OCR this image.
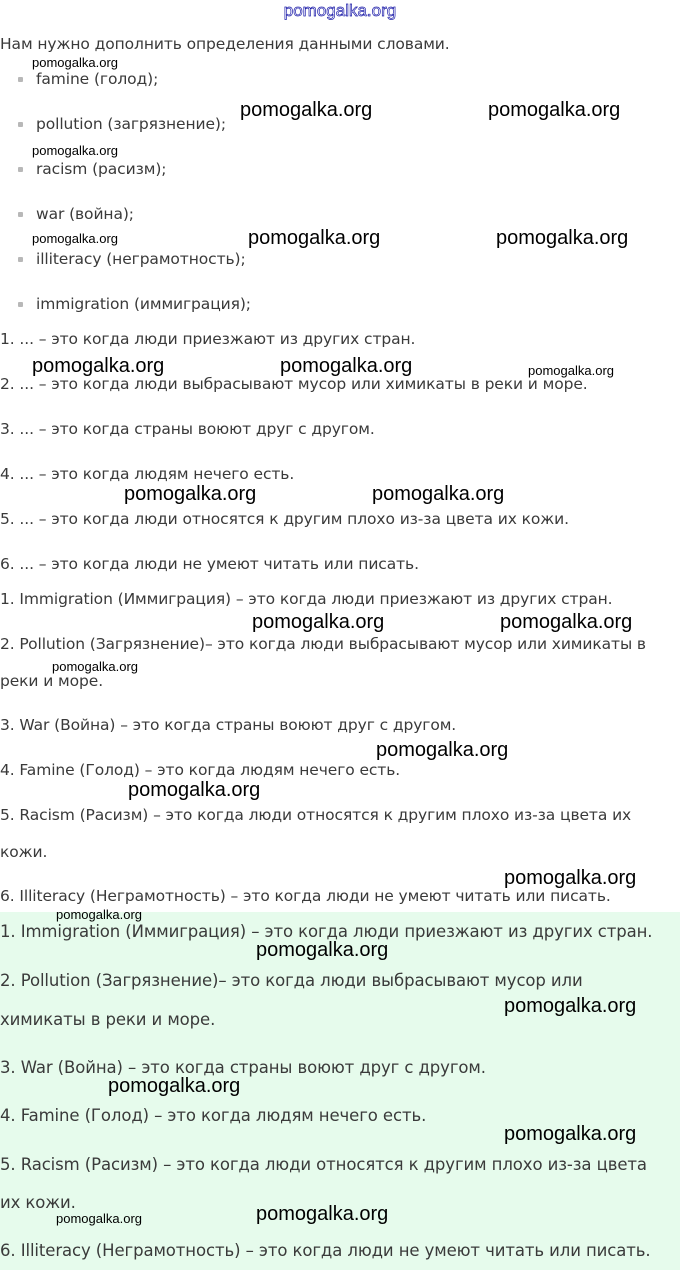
pomogalka.org
Нам нужно дополнить определения данными словами.
famine (голод);
pollution (загрязнение);
racism (расизм);
war (война);
illiteracy (неграмотность);
immigration (иммиграция);
1. ... – это когда люди приезжают из других стран.
2. ... – это когда люди выбрасывают мусор или химикаты в реки и море.
3. ... – это когда страны воюют друг с другом.
4. ... – это когда людям нечего есть.
5. ... – это когда люди относятся к другим плохо из-за цвета их кожи.
6. ... – это когда люди не умеют читать или писать.
1. Immigration (Иммиграция) – это когда люди приезжают из других стран.
2. Pollution (Загрязнение)– это когда люди выбрасывают мусор или химикаты в
реки и море.
3. War (Война) – это когда страны воюют друг с другом.
4. Famine (Голод) – это когда людям нечего есть.
5. Racism (Расизм) – это когда люди относятся к другим плохо из-за цвета их
кожи.
6. Illiteracy (Неграмотность) – это когда люди не умеют читать или писать.
1. Immigration (Иммиграция) – это когда люди приезжают из других стран.
2. Pollution (Загрязнение)– это когда люди выбрасывают мусор или
химикаты в реки и море.
3. War (Война) – это когда страны воюют друг с другом.
4. Famine (Голод) – это когда людям нечего есть.
5. Racism (Расизм) – это когда люди относятся к другим плохо из-за цвета
их кожи.
6. Illiteracy (Неграмотность) – это когда люди не умеют читать или писать.
pomogalka.org
pomogalka.org	pomogalka.org
pomogalka.org
pomogalka.org	pomogalka.org	pomogalka.org
pomogalka.org	pomogalka.org	pomogalka.org
pomogalka.org	pomogalka.org
pomogalka.org	pomogalka.org
pomogalka.org
pomogalka.org
pomogalka.org
pomogalka.org
pomogalka.org
pomogalka.org
pomogalka.org
pomogalka.org
pomogalka.org
pomogalka.org	pomogalka.org
